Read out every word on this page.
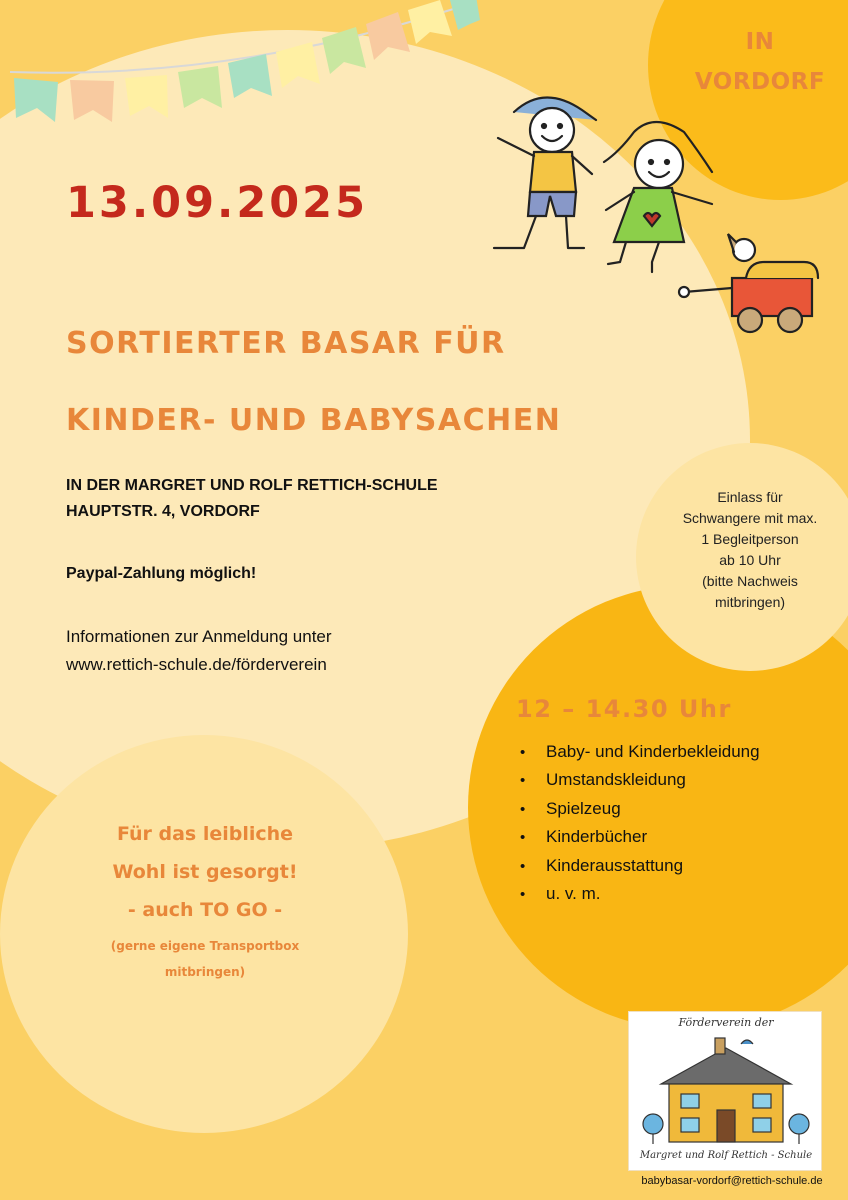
IN
VORDORF
13.09.2025
SORTIERTER BASAR FÜR
KINDER- UND BABYSACHEN
IN DER MARGRET UND ROLF RETTICH-SCHULE
HAUPTSTR. 4, VORDORF
Paypal-Zahlung möglich!
Informationen zur Anmeldung unter
www.rettich-schule.de/förderverein
Einlass für
Schwangere mit max.
1 Begleitperson
ab 10 Uhr
(bitte Nachweis
mitbringen)
12 – 14.30 Uhr
• Baby- und Kinderbekleidung
• Umstandskleidung
• Spielzeug
• Kinderbücher
• Kinderausstattung
• u. v. m.
Für das leibliche
Wohl ist gesorgt!
- auch TO GO -
(gerne eigene Transportbox
mitbringen)
Förderverein der
Margret und Rolf Rettich - Schule
babybasar-vordorf@rettich-schule.de
